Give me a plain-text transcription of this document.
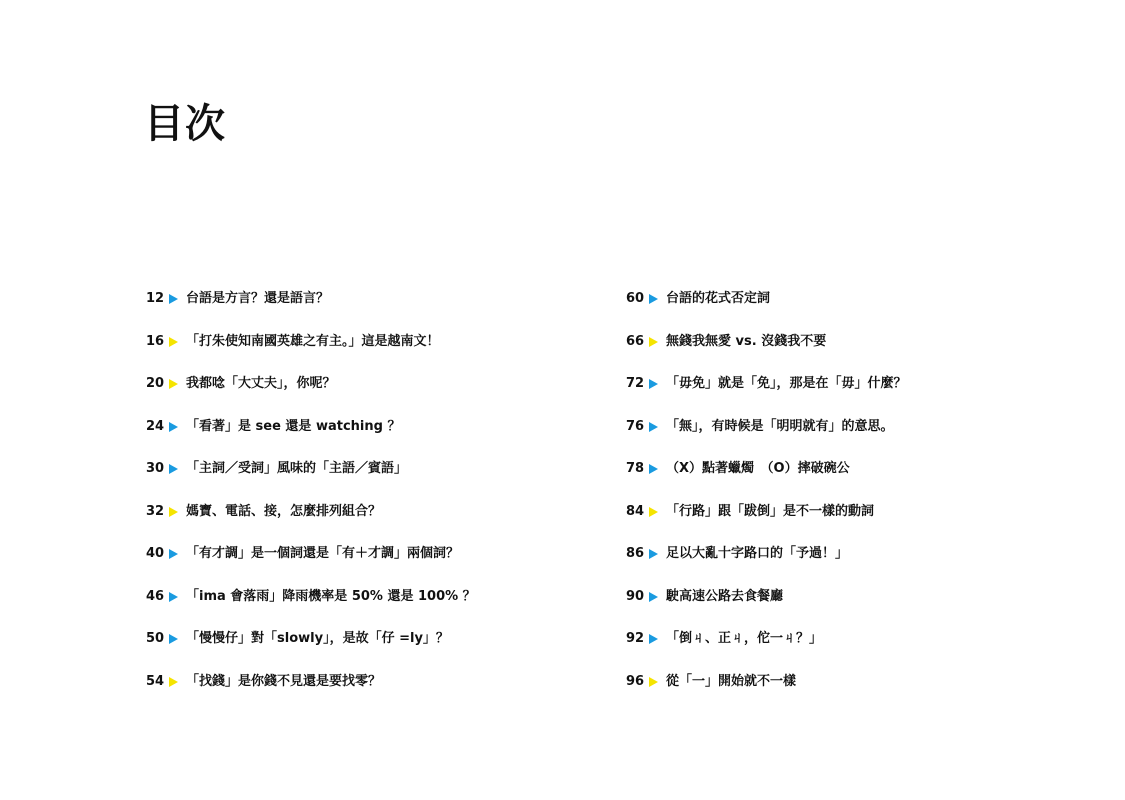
目次
12 台語是方言？還是語言？
16 「打朱使知南國英雄之有主。」這是越南文！
20 我都唸「大丈夫」，你呢？
24 「看著」是 see 還是 watching ？
30 「主詞／受詞」風味的「主語／賓語」
32 媽寶、電話、接，怎麼排列組合？
40 「有才調」是一個詞還是「有＋才調」兩個詞？
46 「ima 會落雨」降雨機率是 50% 還是 100% ？
50 「慢慢仔」對「slowly」，是故「仔 =ly」？
54 「找錢」是你錢不見還是要找零？
60 台語的花式否定詞
66 無錢我無愛 vs. 沒錢我不要
72 「毋免」就是「免」，那是在「毋」什麼？
76 「無」，有時候是「明明就有」的意思。
78 （X）點著蠟燭　（O）摔破碗公
84 「行路」跟「跋倒」是不一樣的動詞
86 足以大亂十字路口的「予過！」
90 駛高速公路去食餐廳
92 「倒ㄐ、正ㄐ，佗一ㄐ？」
96 從「一」開始就不一樣
